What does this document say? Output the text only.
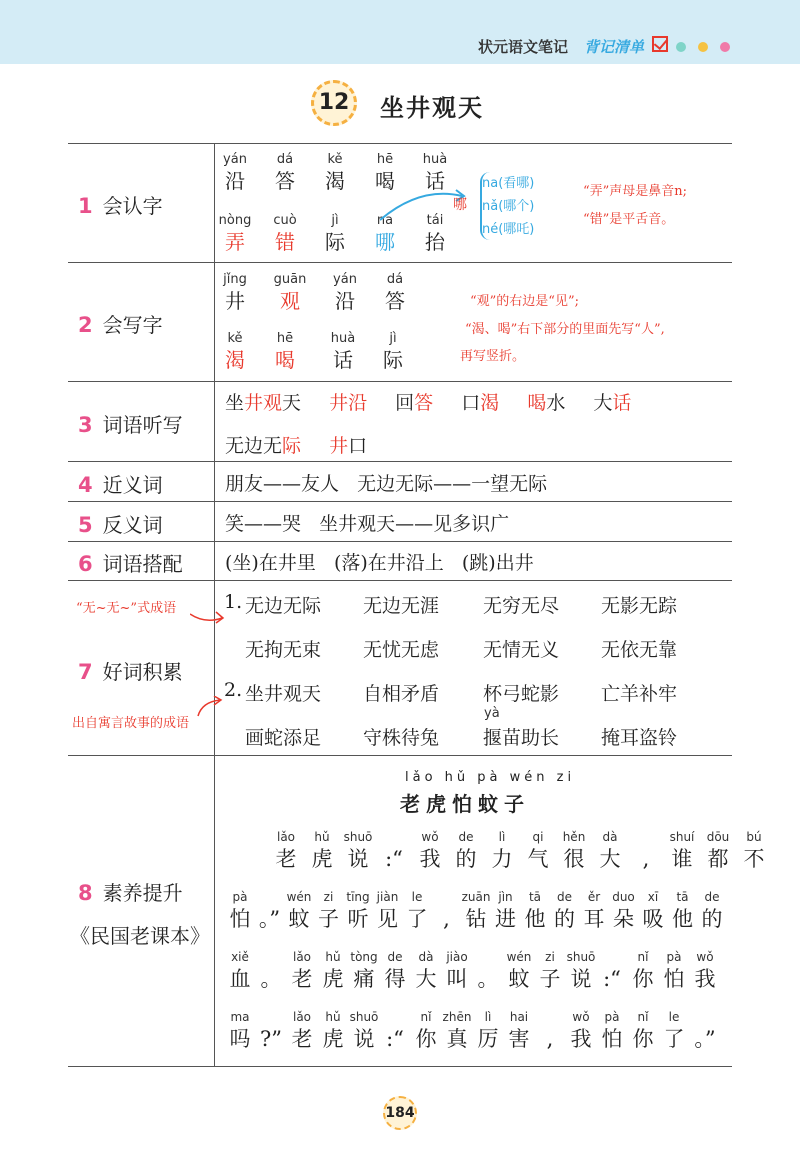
状元语文笔记 背记清单
12	坐井观天
1 会认字
2 会写字
3 词语听写
4 近义词
5 反义词
6 词语搭配
7 好词积累
8 素养提升
《民国老课本》
yán
沿
dá
答
kě
渴
hē
喝
huà
话
nòng
弄
cuò
错
jì
际
na
哪
tái
抬
哪
na(看哪)
nǎ(哪个)
né(哪吒)
“弄”声母是鼻音n;
“错”是平舌音。
jǐng
井
guān
观
yán
沿
dá
答
kě
渴
hē
喝
huà
话
jì
际
“观”的右边是“见”;
“渴、喝”右下部分的里面先写“人”,
再写竖折。
坐井观天 井沿 回答 口渴 喝水 大话
无边无际 井口
朋友——友人   无边无际——一望无际
笑——哭   坐井观天——见多识广
(坐)在井里   (落)在井沿上   (跳)出井
“无~无~”式成语
出自寓言故事的成语
1. 无边无际 无边无涯 无穷无尽 无影无踪
无拘无束 无忧无虑 无情无义 无依无靠
2. 坐井观天 自相矛盾 杯弓蛇影 亡羊补牢
yà
画蛇添足 守株待兔 揠苗助长 掩耳盗铃
lǎo hǔ pà wén zi
老虎怕蚊子
lǎo
老
hǔ
虎
shuō
说 :“
wǒ
我
de
的
lì
力
qi
气
hěn
很
dà
大	,
shuí
谁
dōu
都
bú
不
pà
怕 。”
wén
蚊
zi
子
tīng
听
jiàn
见
le
了 ,
zuān
钻
jìn
进
tā
他
de
的
ěr
耳
duo
朵
xī
吸
tā
他
de
的
xiě
血 。
lǎo
老
hǔ
虎
tòng
痛
de
得
dà
大
jiào
叫 。
wén
蚊
zi
子
shuō
说 :“
nǐ
你
pà
怕
wǒ
我
ma
吗 ?”
lǎo
老
hǔ
虎
shuō
说 :“
nǐ
你
zhēn
真
lì
厉
hai
害 ,
wǒ
我
pà
怕
nǐ
你
le
了 。”
184
